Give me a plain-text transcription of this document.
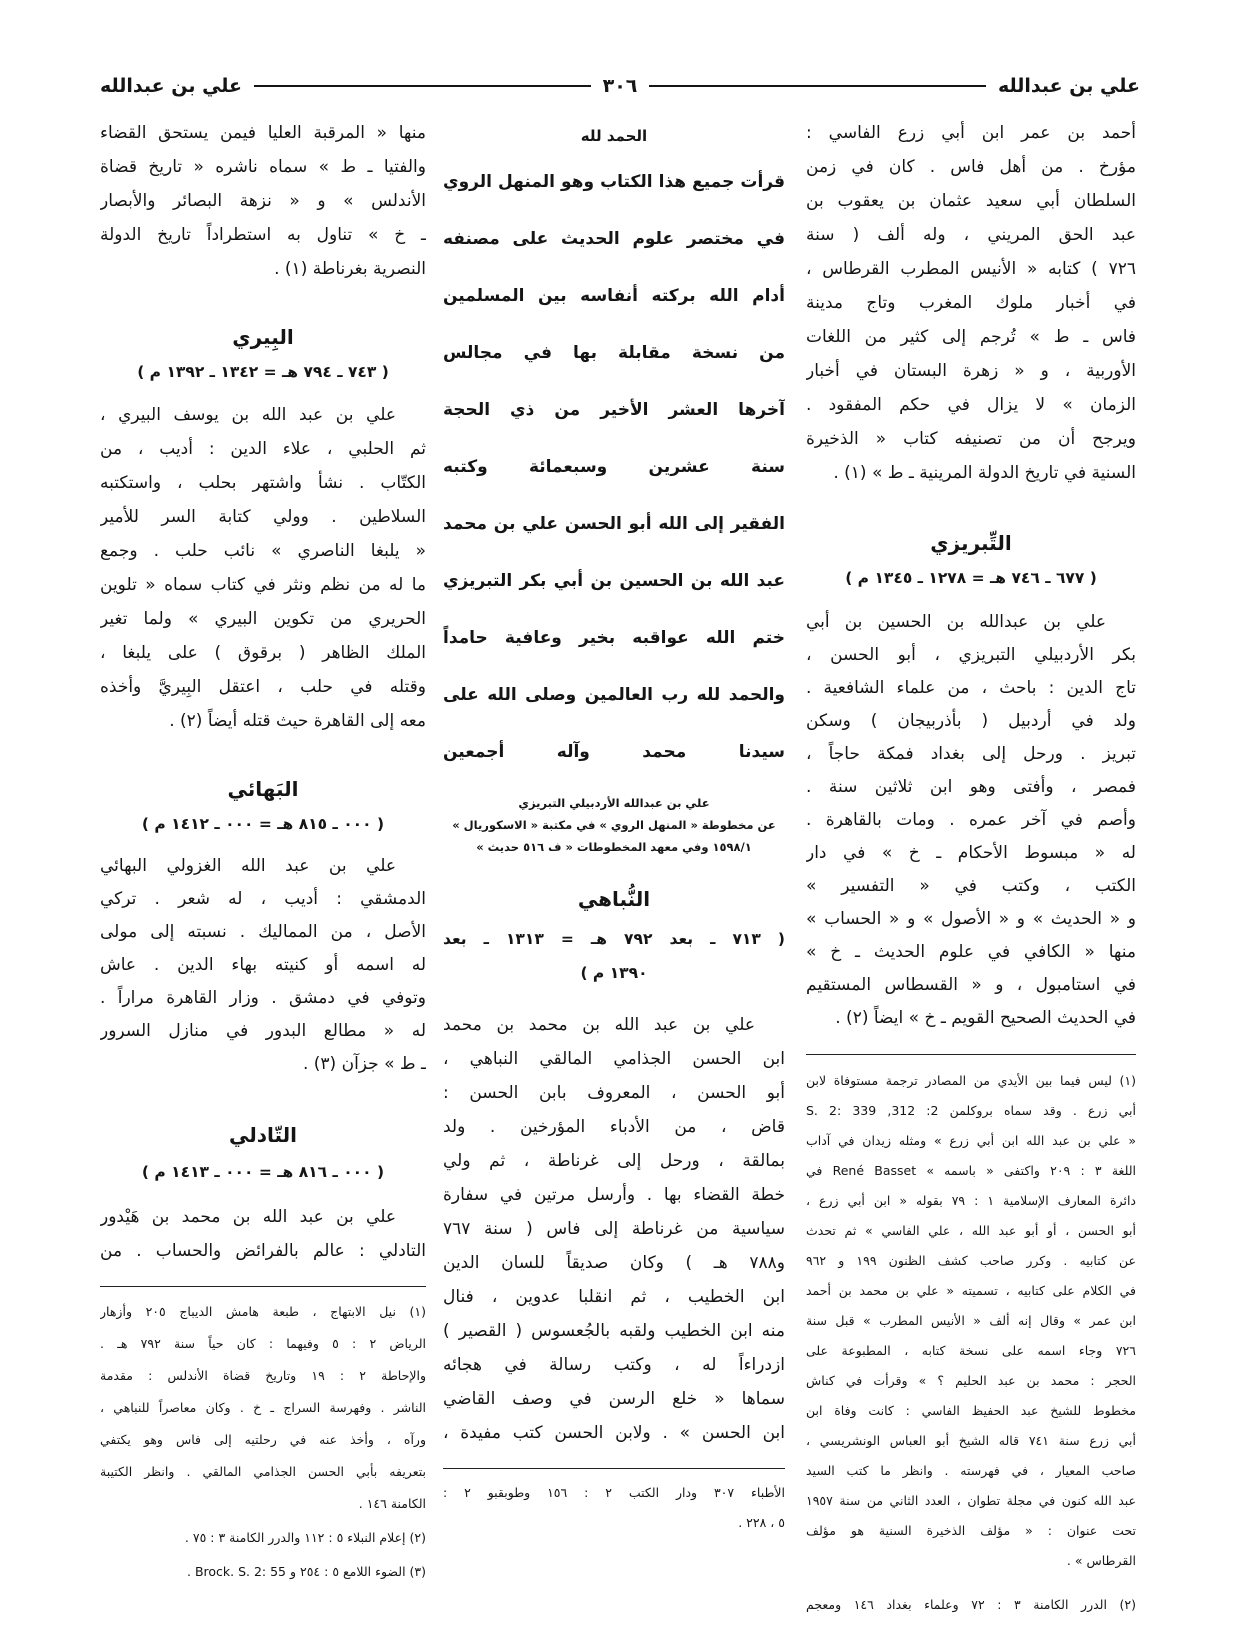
علي بن عبدالله
٣٠٦
علي بن عبدالله
أحمد بن عمر ابن أبي زرع الفاسي :
مؤرخ . من أهل فاس . كان في زمن
السلطان أبي سعيد عثمان بن يعقوب بن
عبد الحق المريني ، وله ألف ( سنة
٧٢٦ ) كتابه « الأنيس المطرب القرطاس ،
في أخبار ملوك المغرب وتاج مدينة
فاس ـ ط » تُرجم إلى كثير من اللغات
الأوربية ، و « زهرة البستان في أخبار
الزمان » لا يزال في حكم المفقود .
ويرجح أن من تصنيفه كتاب « الذخيرة
السنية في تاريخ الدولة المرينية ـ ط » (١) .
التِّبريزي
( ٦٧٧ ـ ٧٤٦ هـ = ١٢٧٨ ـ ١٣٤٥ م )
علي بن عبدالله بن الحسين بن أبي
بكر الأردبيلي التبريزي ، أبو الحسن ،
تاج الدين : باحث ، من علماء الشافعية .
ولد في أردبيل ( بأذربيجان ) وسكن
تبريز . ورحل إلى بغداد فمكة حاجاً ،
فمصر ، وأفتى وهو ابن ثلاثين سنة .
وأصم في آخر عمره . ومات بالقاهرة .
له « مبسوط الأحكام ـ خ » في دار
الكتب ، وكتب في « التفسير »
و « الحديث » و « الأصول » و « الحساب »
منها « الكافي في علوم الحديث ـ خ »
في استامبول ، و « القسطاس المستقيم
في الحديث الصحيح القويم ـ خ » ايضاً (٢) .
(١) ليس فيما بين الأيدي من المصادر ترجمة مستوفاة لابن
أبي زرع . وقد سماه بروكلمن 2: 312, S. 2: 339
« علي بن عبد الله ابن أبي زرع » ومثله زيدان في آداب
اللغة ٣ : ٢٠٩ واكتفى « باسمه » René Basset في
دائرة المعارف الإسلامية ١ : ٧٩ بقوله « ابن أبي زرع ،
أبو الحسن ، أو أبو عبد الله ، علي الفاسي » ثم تحدث
عن كتابيه . وكرر صاحب كشف الظنون ١٩٩ و ٩٦٢
في الكلام على كتابيه ، تسميته « علي بن محمد بن أحمد
ابن عمر » وقال إنه ألف « الأنيس المطرب » قبل سنة
٧٢٦ وجاء اسمه على نسخة كتابه ، المطبوعة على
الحجر : محمد بن عبد الحليم ؟ » وقرأت في كناش
مخطوط للشيخ عبد الحفيظ الفاسي : كانت وفاة ابن
أبي زرع سنة ٧٤١ قاله الشيخ أبو العباس الونشريسي ،
صاحب المعيار ، في فهرسته . وانظر ما كتب السيد
عبد الله كنون في مجلة تطوان ، العدد الثاني من سنة ١٩٥٧
تحت عنوان : « مؤلف الذخيرة السنية هو مؤلف
القرطاس » .
(٢) الدرر الكامنة ٣ : ٧٢ وعلماء بغداد ١٤٦ ومعجم
الحمد لله
قرأت جميع هذا الكتاب وهو المنهل الروي
في مختصر علوم الحديث على مصنفه
أدام الله بركته أنفاسه بين المسلمين
من نسخة مقابلة بها في مجالس
آخرها العشر الأخير من ذي الحجة
سنة عشرين وسبعمائة وكتبه
الفقير إلى الله أبو الحسن علي بن محمد
عبد الله بن الحسين بن أبي بكر التبريزي
ختم الله عواقبه بخير وعافية حامداً
والحمد لله رب العالمين وصلى الله على
سيدنا محمد وآله أجمعين
علي بن عبدالله الأردبيلي التبريزي
عن مخطوطة « المنهل الروي » في مكتبة « الاسكوريال »
١٥٩٨/١ وفي معهد المخطوطات « ف ٥١٦ حديث »
النُّباهي
( ٧١٣ ـ بعد ٧٩٢ هـ = ١٣١٣ ـ بعد
١٣٩٠ م )
علي بن عبد الله بن محمد بن محمد
ابن الحسن الجذامي المالقي النباهي ،
أبو الحسن ، المعروف بابن الحسن :
قاض ، من الأدباء المؤرخين . ولد
بمالقة ، ورحل إلى غرناطة ، ثم ولي
خطة القضاء بها . وأرسل مرتين في سفارة
سياسية من غرناطة إلى فاس ( سنة ٧٦٧
و٧٨٨ هـ ) وكان صديقاً للسان الدين
ابن الخطيب ، ثم انقلبا عدوين ، فنال
منه ابن الخطيب ولقبه بالجُعسوس ( القصير )
ازدراءاً له ، وكتب رسالة في هجائه
سماها « خلع الرسن في وصف القاضي
ابن الحسن » . ولابن الحسن كتب مفيدة ،
الأطباء ٣٠٧ ودار الكتب ٢ : ١٥٦ وطوبقبو ٢ :
٥ ، ٢٢٨ .
منها « المرقبة العليا فيمن يستحق القضاء
والفتيا ـ ط » سماه ناشره « تاريخ قضاة
الأندلس » و « نزهة البصائر والأبصار
ـ خ » تناول به استطراداً تاريخ الدولة
النصرية بغرناطة (١) .
البِيري
( ٧٤٣ ـ ٧٩٤ هـ = ١٣٤٢ ـ ١٣٩٢ م )
علي بن عبد الله بن يوسف البيري ،
ثم الحلبي ، علاء الدين : أديب ، من
الكتّاب . نشأ واشتهر بحلب ، واستكتبه
السلاطين . وولي كتابة السر للأمير
« يلبغا الناصري » نائب حلب . وجمع
ما له من نظم ونثر في كتاب سماه « تلوين
الحريري من تكوين البيري » ولما تغير
الملك الظاهر ( برقوق ) على يلبغا ،
وقتله في حلب ، اعتقل البِيريَّ وأخذه
معه إلى القاهرة حيث قتله أيضاً (٢) .
البَهائي
( ٠٠٠ ـ ٨١٥ هـ = ٠٠٠ ـ ١٤١٢ م )
علي بن عبد الله الغزولي البهائي
الدمشقي : أديب ، له شعر . تركي
الأصل ، من المماليك . نسبته إلى مولى
له اسمه أو كنيته بهاء الدين . عاش
وتوفي في دمشق . وزار القاهرة مراراً .
له « مطالع البدور في منازل السرور
ـ ط » جزآن (٣) .
التّادلي
( ٠٠٠ ـ ٨١٦ هـ = ٠٠٠ ـ ١٤١٣ م )
علي بن عبد الله بن محمد بن هَيْدور
التادلي : عالم بالفرائض والحساب . من
(١) نيل الابتهاج ، طبعة هامش الديباج ٢٠٥ وأزهار
الرياض ٢ : ٥ وفيهما : كان حياً سنة ٧٩٢ هـ .
والإحاطة ٢ : ١٩ وتاريخ قضاة الأندلس : مقدمة
الناشر . وفهرسة السراج ـ خ . وكان معاصراً للنباهي ،
ورآه ، وأخذ عنه في رحلتيه إلى فاس وهو يكتفي
بتعريفه بأبي الحسن الجذامي المالقي . وانظر الكتيبة
الكامنة ١٤٦ .
(٢) إعلام النبلاء ٥ : ١١٢ والدرر الكامنة ٣ : ٧٥ .
(٣) الضوء اللامع ٥ : ٢٥٤ و Brock. S. 2: 55 .
